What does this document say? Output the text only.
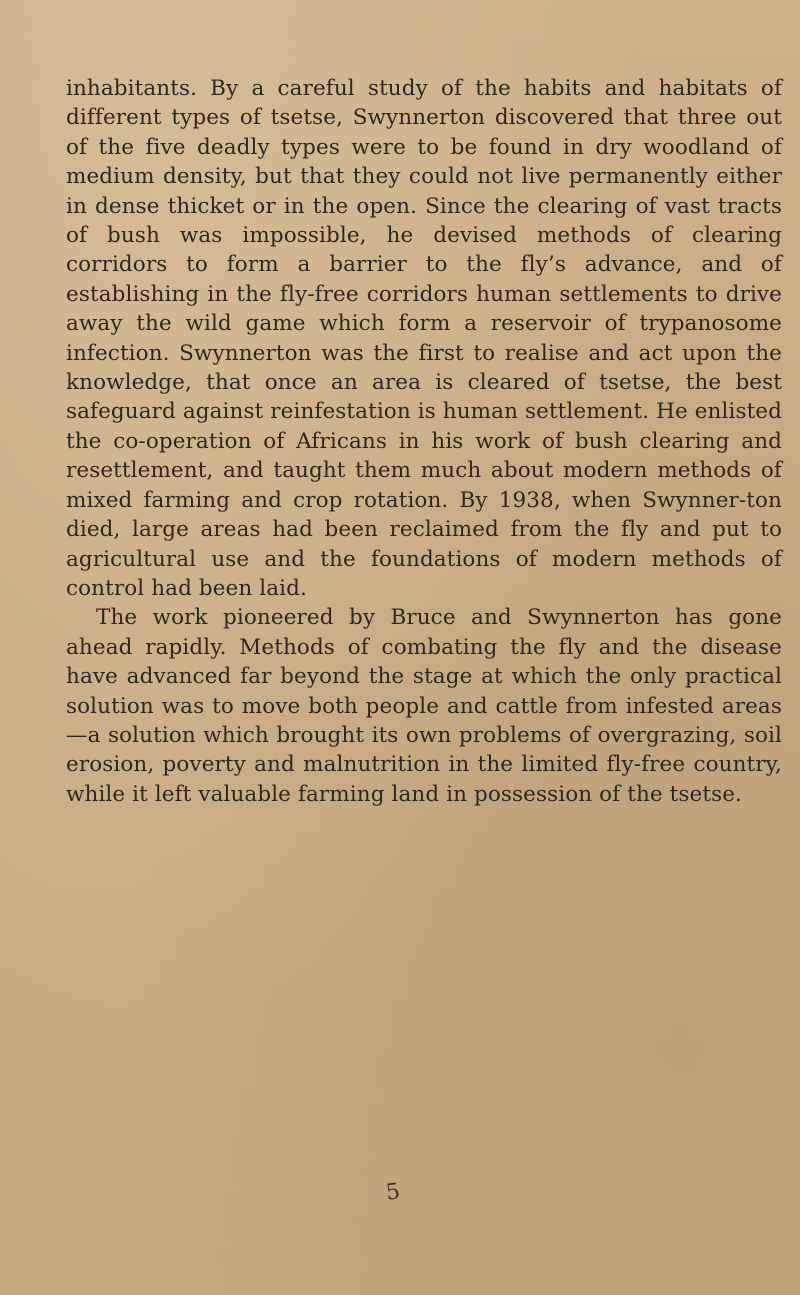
inhabitants. By a careful study of the habits and habitats of different types of tsetse, Swynnerton discovered that three out of the five deadly types were to be found in dry woodland of medium density, but that they could not live permanently either in dense thicket or in the open. Since the clearing of vast tracts of bush was impossible, he devised methods of clearing corridors to form a barrier to the fly’s advance, and of establishing in the fly-free corridors human settlements to drive away the wild game which form a reservoir of trypanosome infection. Swynnerton was the first to realise and act upon the knowledge, that once an area is cleared of tsetse, the best safeguard against reinfestation is human settlement. He enlisted the co-operation of Africans in his work of bush clearing and resettlement, and taught them much about modern methods of mixed farming and crop rotation. By 1938, when Swynner-ton died, large areas had been reclaimed from the fly and put to agricultural use and the foundations of modern methods of control had been laid.

The work pioneered by Bruce and Swynnerton has gone ahead rapidly. Methods of combating the fly and the disease have advanced far beyond the stage at which the only practical solution was to move both people and cattle from infested areas—a solution which brought its own problems of overgrazing, soil erosion, poverty and malnutrition in the limited fly-free country, while it left valuable farming land in possession of the tsetse.

5
